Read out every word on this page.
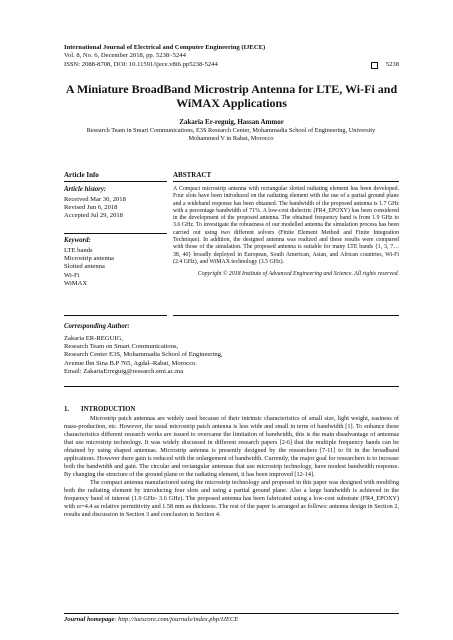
International Journal of Electrical and Computer Engineering (IJECE)
Vol. 8, No. 6, December 2018, pp. 5238~5244
ISSN: 2088-8708, DOI: 10.11591/ijece.v8i6.pp5238-5244	5238
A Miniature BroadBand Microstrip Antenna for LTE, Wi-Fi and WiMAX Applications
Zakaria Er-reguig, Hassan Ammor
Research Team in Smart Communications, E3S Research Center, Mohammadia School of Engineering, University Mohammed V in Rabat, Morocco
Article Info
Article history:
Received Mar 30, 2018
Revised Jun 6, 2018
Accepted Jul 29, 2018
Keyword:
LTE bands
Microstrip antenna
Slotted antenna
Wi-Fi
WiMAX
ABSTRACT
A Compact microstrip antenna with rectangular slotted radiating element has been developed. Four slots have been introduced on the radiating element with the use of a partial ground plane and a wideband response has been obtained. The bandwidth of the proposed antenna is 1.7 GHz with a percentage bandwidth of 71%. A low-cost dielectric (FR4_EPOXY) has been considered in the development of the proposed antenna. The obtained frequency band is from 1.9 GHz to 3.6 GHz. To investigate the robustness of our modelled antenna the simulation process has been carried out using two different solvers (Finite Element Method and Finite Integration Technique). In addition, the designed antenna was realized and these results were compared with those of the simulation. The proposed antenna is suitable for many LTE bands {1, 3, 7… 38, 40} broadly deployed in European, South American, Asian, and African countries, Wi-Fi (2.4 GHz), and WiMAX technology (3.5 GHz).
Copyright © 2018 Institute of Advanced Engineering and Science. All rights reserved.
Corresponding Author:
Zakaria ER-REGUIG,
Research Team on Smart Communications,
Research Center E3S, Mohammadia School of Engineering,
Avenue Ibn Sina B.P 765, Agdal–Rabat, Morocco.
Email: ZakariaErreguig@research.emi.ac.ma
1. INTRODUCTION

Microstrip patch antennas are widely used because of their intrinsic characteristics of small size, light weight, easiness of mass-production, etc. However, the usual microstrip patch antenna is less wide and small in term of bandwidth [1]. To enhance these characteristics different research works are issued to overcame the limitation of bandwidth, this is the main disadvantage of antennas that use microstrip technology. It was widely discussed in different research papers [2-6] that the multiple frequency bands can be obtained by using shaped antennas. Microstrip antenna is presently designed by the researchers [7-11] to fit in the broadband applications. However there gain is reduced with the enlargement of bandwidth. Currently, the major goal for researchers is to increase both the bandwidth and gain. The circular and rectangular antennas that use microstrip technology, have modest bandwidth response. By changing the structure of the ground plane or the radiating element, it has been improved [12-14].

The compact antenna manufactured using the microstrip technology and proposed in this paper was designed with modifing both the radiating element by introducing four slots and using a partial ground plane. Also a large bandwidth is achieved in the frequency band of interest (1.9 GHz- 3.6 GHz). The proposed antenna has been fabricated using a low-cost substrate (FR4_EPOXY) with εr=4.4 as relative permittivity and 1.58 mm as thickness. The rest of the paper is arranged as follows: antenna design in Section 2, results and discussion in Section 3 and conclusion in Section 4.

Journal homepage: http://iaescore.com/journals/index.php/IJECE
